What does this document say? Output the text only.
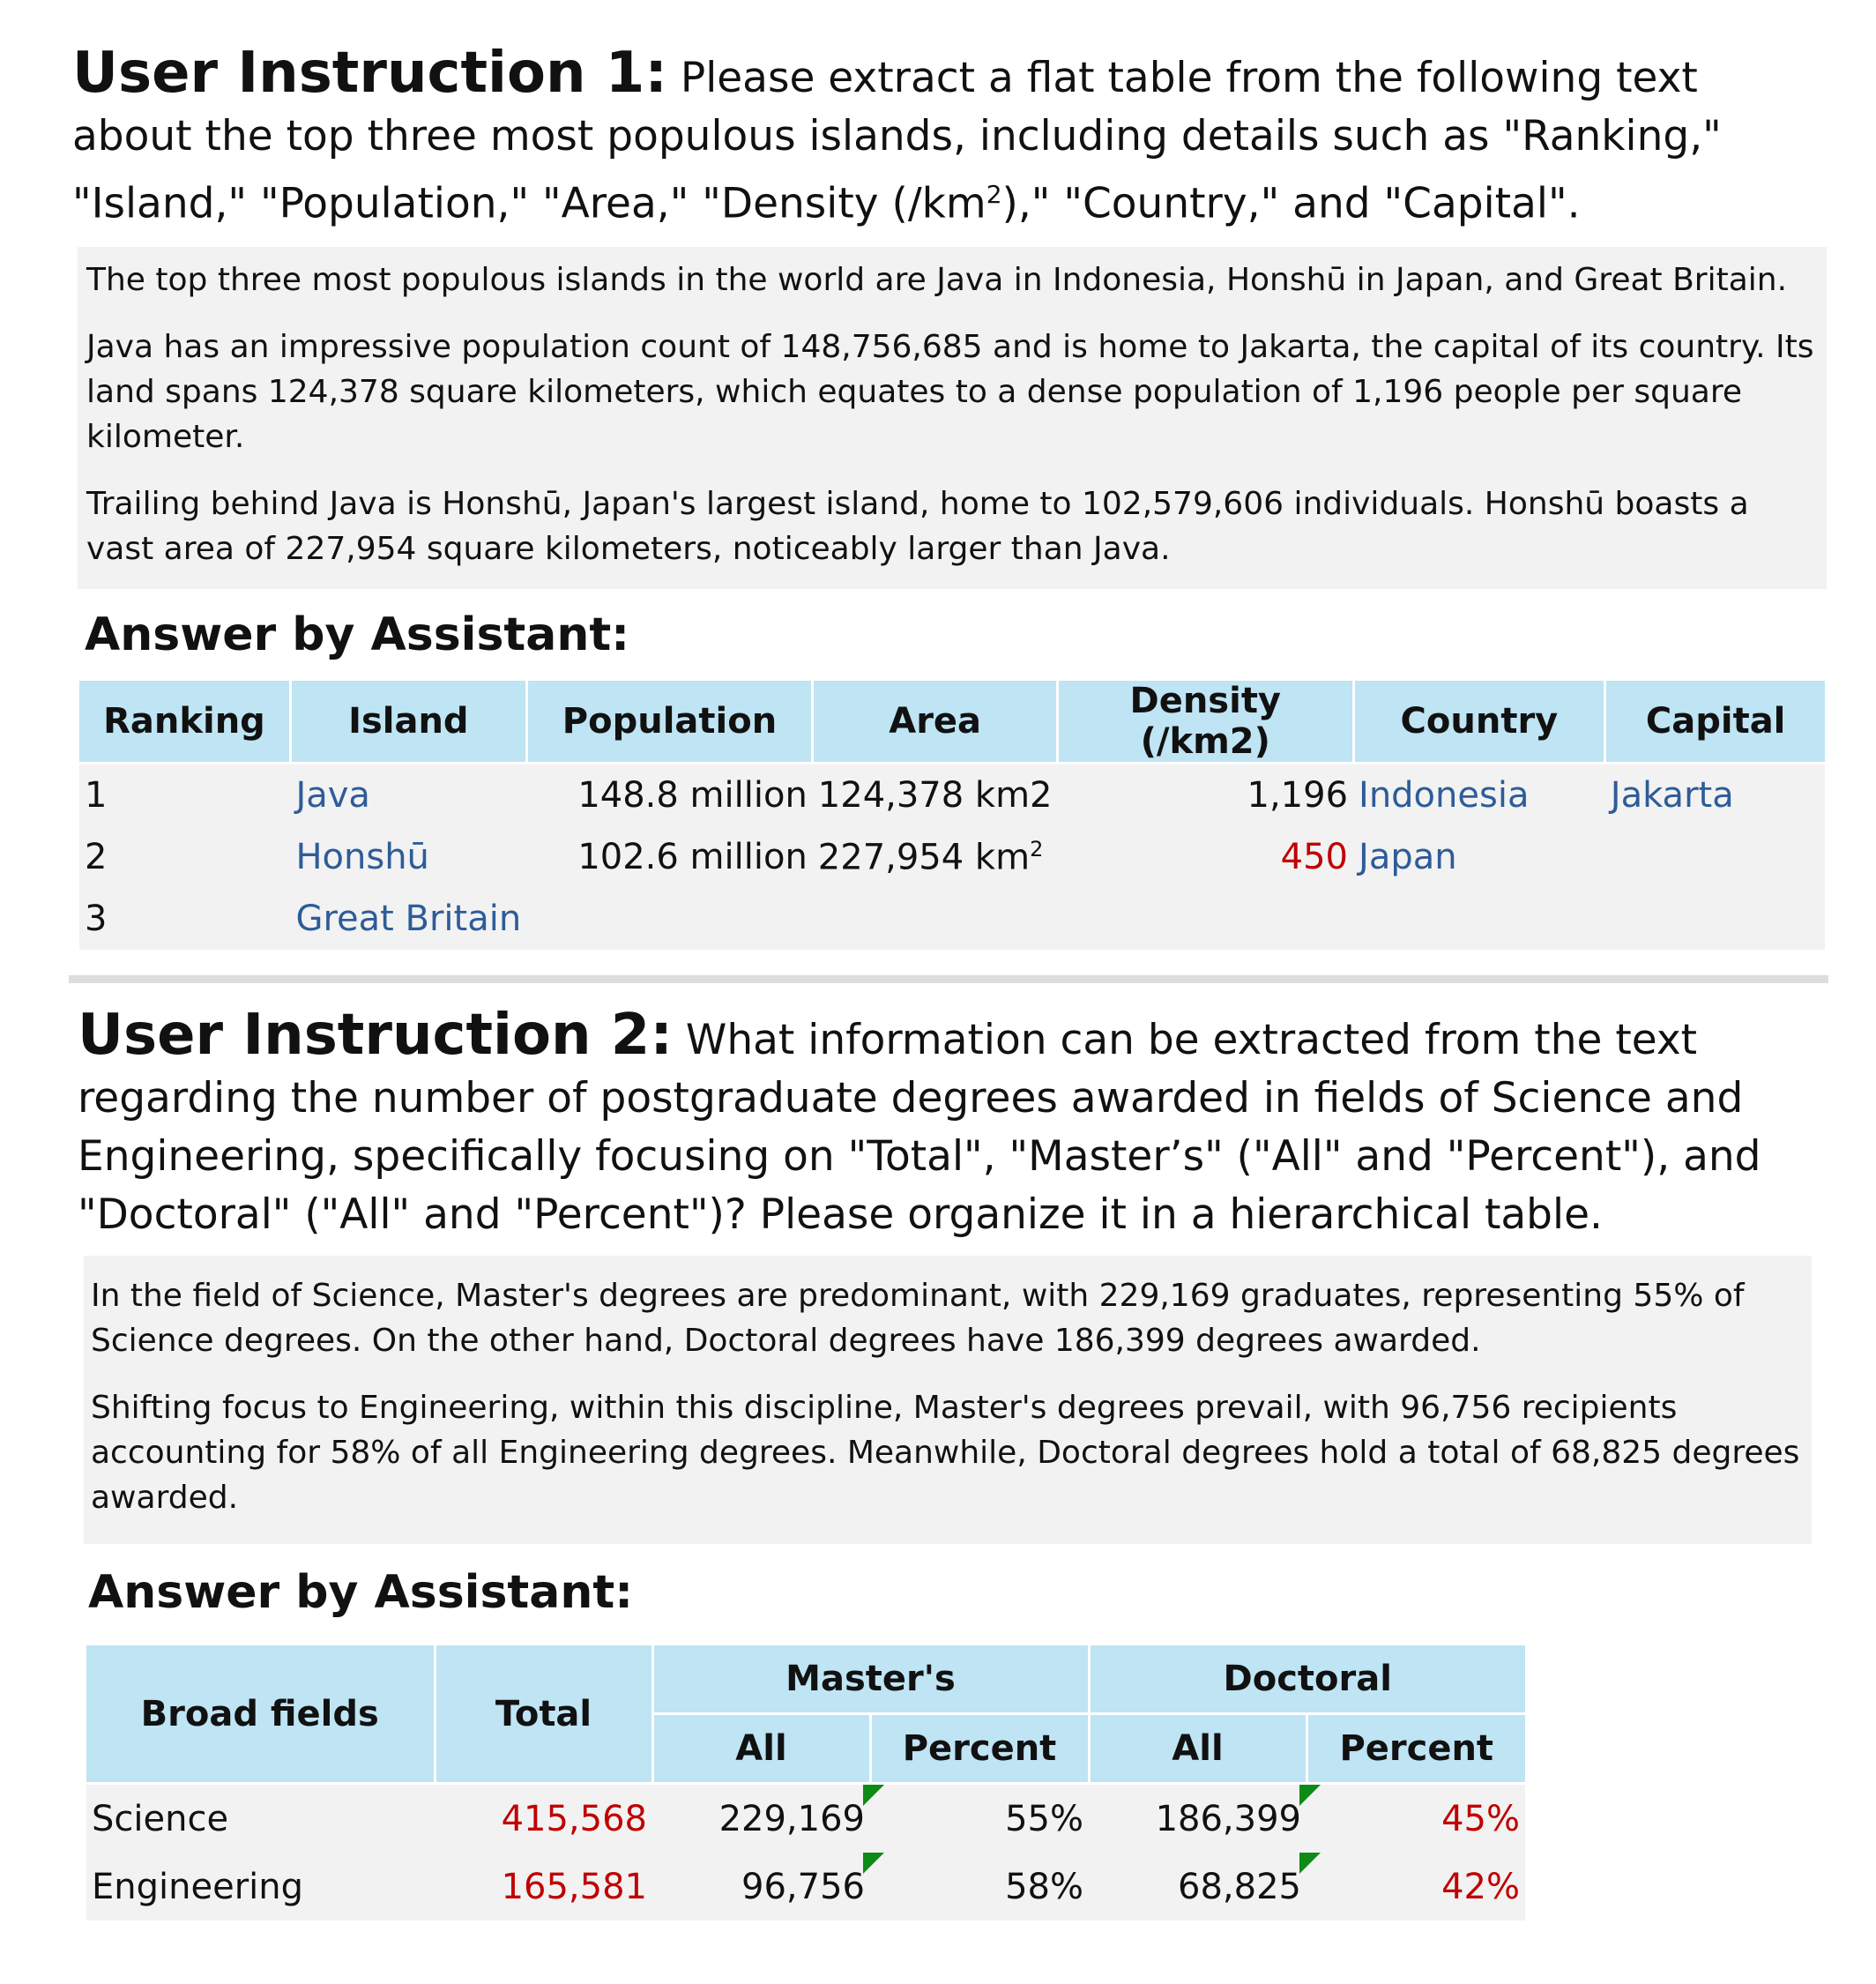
User Instruction 1: Please extract a flat table from the following text about the top three most populous islands, including details such as "Ranking," "Island," "Population," "Area," "Density $(/km^2)$," "Country," and "Capital".

The top three most populous islands in the world are Java in Indonesia, Honshū in Japan, and Great Britain.

Java has an impressive population count of 148,756,685 and is home to Jakarta, the capital of its country. Its land spans 124,378 square kilometers, which equates to a dense population of 1,196 people per square kilometer.

Trailing behind Java is Honshū, Japan's largest island, home to 102,579,606 individuals. Honshū boasts a vast area of 227,954 square kilometers, noticeably larger than Java.

Answer by Assistant:
Ranking	Island	Population	Area	Density (/km2)	Country	Capital
1	Java	148.8 million	124,378 km2	1,196	Indonesia	Jakarta
2	Honshū	102.6 million	227,954 $km^2$	450	Japan	
3	Great Britain					
User Instruction 2: What information can be extracted from the text regarding the number of postgraduate degrees awarded in fields of Science and Engineering, specifically focusing on "Total", "Master’s" ("All" and "Percent"), and "Doctoral" ("All" and "Percent")? Please organize it in a hierarchical table.

In the field of Science, Master's degrees are predominant, with 229,169 graduates, representing 55% of Science degrees. On the other hand, Doctoral degrees have 186,399 degrees awarded.

Shifting focus to Engineering, within this discipline, Master's degrees prevail, with 96,756 recipients accounting for 58% of all Engineering degrees. Meanwhile, Doctoral degrees hold a total of 68,825 degrees awarded.

Answer by Assistant:
Broad fields	Total	Master's		Doctoral	
		All	Percent	All	Percent
Science	415,568	229,169	55%	186,399	45%
Engineering	165,581	96,756	58%	68,825	42%
